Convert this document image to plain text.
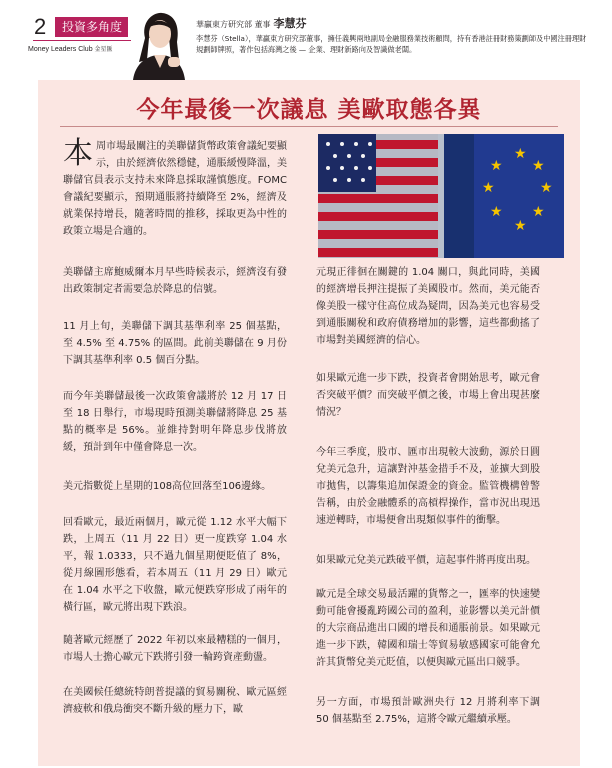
2	投資多角度
Money Leaders Club 金星匯
華贏東方研究部 董事 李慧芬
李慧芬（Stella），華贏東方研究部董事，擁任義興兩地副局金融服務業技術顧問，持有香港註冊財務策劃師及中國注冊理財規劃師牌照，著作包括海灣之後 — 企業、理財新路向及智識做老闆。
今年最後一次議息 美歐取態各異
★
★
★
★
★
★
★
★
本周市場最關注的美聯儲貨幣政策會議紀要顯示，由於經濟依然穩健，通脹緩慢降溫，美聯儲官員表示支持未來降息採取謹慎態度。FOMC會議紀要顯示，預期通脹將持續降至 2%，經濟及就業保持增長，隨著時間的推移，採取更為中性的政策立場是合適的。
美聯儲主席鮑威爾本月早些時候表示，經濟沒有發出政策制定者需要急於降息的信號。
11 月上旬，美聯儲下調其基準利率 25 個基點，至 4.5% 至 4.75% 的區間。此前美聯儲在 9 月份下調其基準利率 0.5 個百分點。
而今年美聯儲最後一次政策會議將於 12 月 17 日至 18 日舉行，市場現時預測美聯儲將降息 25 基點的概率是 56%。並維持對明年降息步伐將放緩，預計到年中僅會降息一次。
美元指數從上星期的108高位回落至106邊緣。
回看歐元，最近兩個月，歐元從 1.12 水平大幅下跌，上周五（11 月 22 日）更一度跌穿 1.04 水平，報 1.0333，只不過九個星期便貶值了 8%，從月線圖形態看，若本周五（11 月 29 日）歐元在 1.04 水平之下收盤，歐元便跌穿形成了兩年的橫行區，歐元將出現下跌浪。
隨著歐元經歷了 2022 年初以來最糟糕的一個月，市場人士擔心歐元下跌將引發一輪跨資產動盪。
在美國候任總統特朗普提議的貿易關稅、歐元區經濟疲軟和俄烏衝突不斷升級的壓力下，歐
元現正徘徊在關鍵的 1.04 關口，與此同時，美國的經濟增長押注提振了美國股市。然而，美元能否像美股一樣守住高位成為疑問，因為美元也容易受到通脹關稅和政府債務增加的影響，這些都動搖了市場對美國經濟的信心。
如果歐元進一步下跌，投資者會開始思考，歐元會否突破平價？而突破平價之後，市場上會出現甚麼情況？
今年三季度，股市、匯市出現較大波動，源於日圓兌美元急升，這讓對沖基金措手不及，並擴大到股市拋售，以籌集追加保證金的資金。監管機構曾警告稱，由於金融體系的高槓桿操作，當市況出現迅速逆轉時，市場便會出現類似事件的衝擊。
如果歐元兌美元跌破平價，這起事件將再度出現。
歐元是全球交易最活躍的貨幣之一，匯率的快速變動可能會擾亂跨國公司的盈利，並影響以美元計價的大宗商品進出口國的增長和通脹前景。如果歐元進一步下跌，韓國和瑞士等貿易敏感國家可能會允許其貨幣兌美元貶值，以便與歐元區出口競爭。
另一方面，市場預計歐洲央行 12 月將利率下調 50 個基點至 2.75%，這將令歐元繼續承壓。
